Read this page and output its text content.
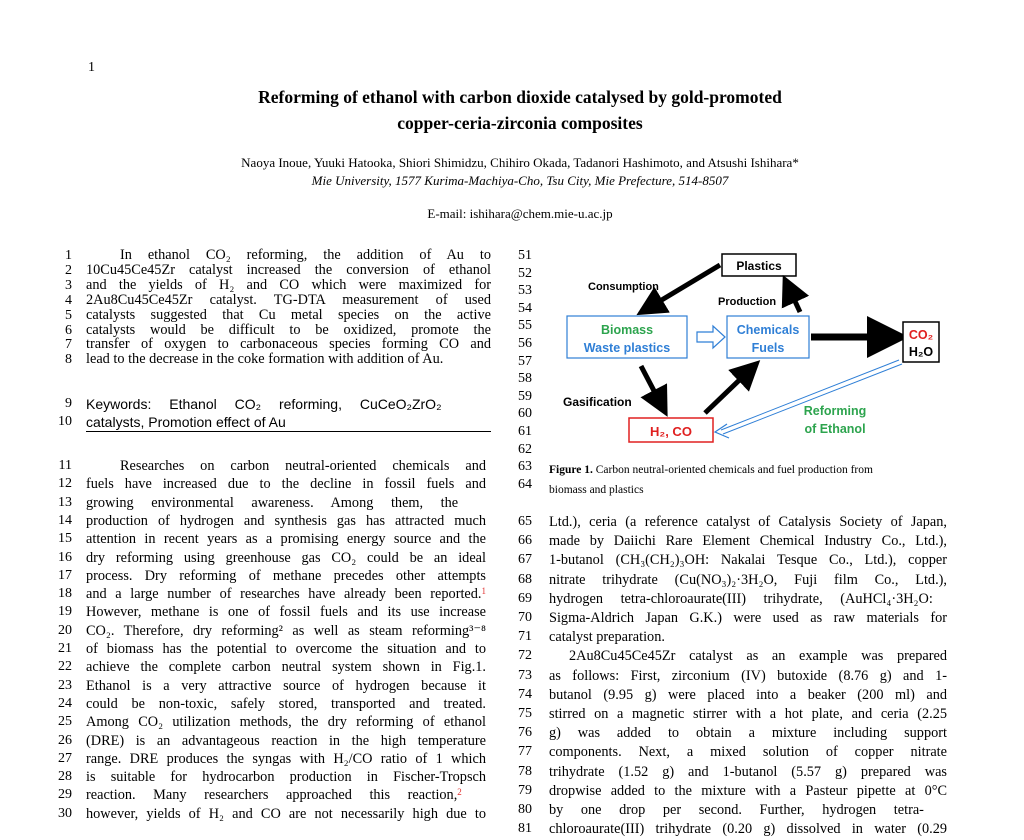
1
Reforming of ethanol with carbon dioxide catalysed by gold-promoted
copper-ceria-zirconia composites
Naoya Inoue, Yuuki Hatooka, Shiori Shimidzu, Chihiro Okada, Tadanori Hashimoto, and Atsushi Ishihara*
Mie University, 1577 Kurima-Machiya-Cho, Tsu City, Mie Prefecture, 514-8507
E-mail: ishihara@chem.mie-u.ac.jp
1	In ethanol CO₂ reforming, the addition of Au to
2 10Cu45Ce45Zr catalyst increased the conversion of ethanol
3 and the yields of H₂ and CO which were maximized for
4 2Au8Cu45Ce45Zr catalyst. TG-DTA measurement of used
5 catalysts suggested that Cu metal species on the active
6 catalysts would be difficult to be oxidized, promote the
7 transfer of oxygen to carbonaceous species forming CO and
8 lead to the decrease in the coke formation with addition of Au.
9 Keywords: Ethanol CO₂ reforming, CuCeO₂ZrO₂
10 catalysts, Promotion effect of Au
11	Researches on carbon neutral-oriented chemicals and
12 fuels have increased due to the decline in fossil fuels and
13 growing environmental awareness. Among them, the
14 production of hydrogen and synthesis gas has attracted much
15 attention in recent years as a promising energy source and the
16 dry reforming using greenhouse gas CO₂ could be an ideal
17 process. Dry reforming of methane precedes other attempts
18 and a large number of researches have already been reported.$^1$
19 However, methane is one of fossil fuels and its use increase
20 CO₂. Therefore, dry reforming² as well as steam reforming³⁻⁸
21 of biomass has the potential to overcome the situation and to
22 achieve the complete carbon neutral system shown in Fig.1.
23 Ethanol is a very attractive source of hydrogen because it
24 could be non-toxic, safely stored, transported and treated.
25 Among CO₂ utilization methods, the dry reforming of ethanol
26 (DRE) is an advantageous reaction in the high temperature
27 range. DRE produces the syngas with H₂/CO ratio of 1 which
28 is suitable for hydrocarbon production in Fischer-Tropsch
29 reaction. Many researchers approached this reaction,$^2$
30 however, yields of H₂ and CO are not necessarily high due to
51
52
53
54
55
56
57
58
59
60
61
62
63
64
65 Ltd.), ceria (a reference catalyst of Catalysis Society of Japan,
66 made by Daiichi Rare Element Chemical Industry Co., Ltd.),
67 1-butanol (CH₃(CH₂)₃OH: Nakalai Tesque Co., Ltd.), copper
68 nitrate trihydrate (Cu(NO₃)₂·3H₂O, Fuji film Co., Ltd.),
69 hydrogen tetra-chloroaurate(III) trihydrate, (AuHCl₄·3H₂O:
70 Sigma-Aldrich Japan G.K.) were used as raw materials for
71 catalyst preparation.
72	2Au8Cu45Ce45Zr catalyst as an example was prepared
73 as follows: First, zirconium (IV) butoxide (8.76 g) and 1-
74 butanol (9.95 g) were placed into a beaker (200 ml) and
75 stirred on a magnetic stirrer with a hot plate, and ceria (2.25
76 g) was added to obtain a mixture including support
77 components. Next, a mixed solution of copper nitrate
78 trihydrate (1.52 g) and 1-butanol (5.57 g) prepared was
79 dropwise added to the mixture with a Pasteur pipette at 0°C
80 by one drop per second. Further, hydrogen tetra-
81 chloroaurate(III) trihydrate (0.20 g) dissolved in water (0.29
Plastics
Consumption
Production
Biomass
Waste plastics
Chemicals
Fuels
CO₂
H₂O
Gasification
H₂, CO
Reforming
of Ethanol
Figure 1. Carbon neutral-oriented chemicals and fuel production from
biomass and plastics
